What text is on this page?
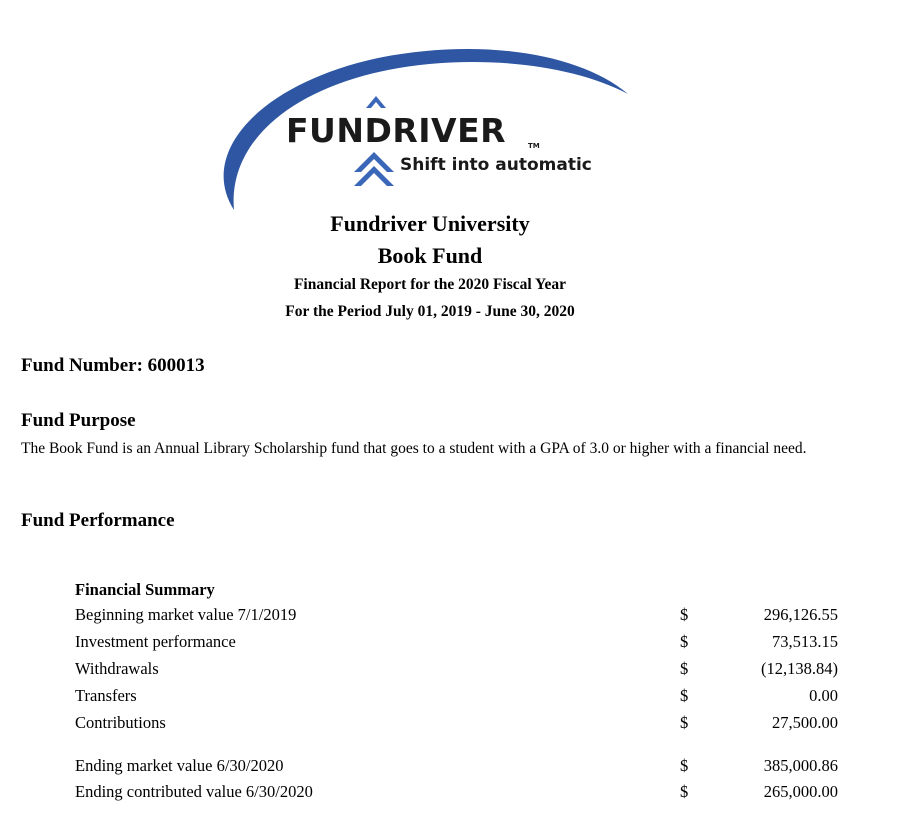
FUNDRIVER	TM
Shift into automatic
Fundriver University
Book Fund
Financial Report for the 2020 Fiscal Year
For the Period July 01, 2019 - June 30, 2020
Fund Number: 600013
Fund Purpose
The Book Fund is an Annual Library Scholarship fund that goes to a student with a GPA of 3.0 or higher with a financial need.
Fund Performance
Financial Summary
Beginning market value 7/1/2019	$	296,126.55
Investment performance	$	73,513.15
Withdrawals	$	(12,138.84)
Transfers	$	0.00
Contributions	$	27,500.00
Ending market value 6/30/2020	$	385,000.86
Ending contributed value 6/30/2020	$	265,000.00
